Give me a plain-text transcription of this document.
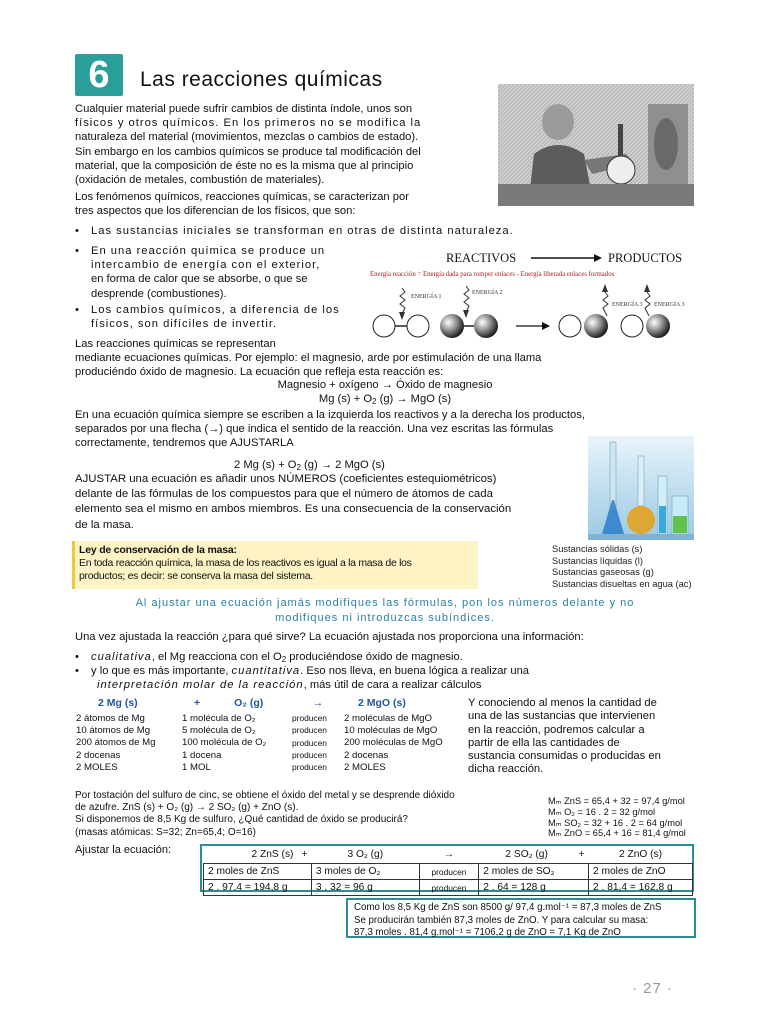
6	Las reacciones químicas
Cualquier material puede sufrir cambios de distinta índole, unos son
físicos y otros químicos. En los primeros no se modifica la
naturaleza del material (movimientos, mezclas o cambios de estado).
Sin embargo en los cambios químicos se produce tal modificación del
material, que la composición de éste no es la misma que al principio
(oxidación de metales, combustión de materiales).
Los fenómenos químicos, reacciones químicas, se caracterizan por
tres aspectos que los diferencian de los físicos, que son:
• Las sustancias iniciales se transforman en otras de distinta naturaleza.
• En una reacción química se produce un
intercambio de energía con el exterior,
en forma de calor que se absorbe, o que se
desprende (combustiones).
• Los cambios químicos, a diferencia de los
físicos, son difíciles de invertir.
REACTIVOS	PRODUCTOS
Energía reacción = Energía dada para romper enlaces - Energía liberada enlaces formados
ENERGÍA 1
ENERGÍA 2
ENERGÍA 3 ENERGÍA 3
Las reacciones químicas se representan
mediante ecuaciones químicas. Por ejemplo: el magnesio, arde por estimulación de una llama
produciéndo óxido de magnesio. La ecuación que refleja esta reacción es:
Magnesio + oxígeno → Óxido de magnesio
Mg $(s) + O_2$ (g) → MgO (s)
En una ecuación química siempre se escriben a la izquierda los reactivos y a la derecha los productos,
separados por una flecha (→) que indica el sentido de la reacción. Una vez escritas las fórmulas
correctamente, tendremos que AJUSTARLA
2 Mg $(s) + O_2$ (g) → 2 MgO (s)
AJUSTAR una ecuación es añadir unos NÚMEROS (coeficientes estequiométricos)
delante de las fórmulas de los compuestos para que el número de átomos de cada
elemento sea el mismo en ambos miembros. Es una consecuencia de la conservación
de la masa.
Ley de conservación de la masa:
En toda reacción química, la masa de los reactivos es igual a la masa de los
productos; es decir: se conserva la masa del sistema.
Sustancias sólidas (s)
Sustancias líquidas (l)
Sustancias gaseosas (g)
Sustancias disueltas en agua (ac)
Al ajustar una ecuación jamás modifiques las fórmulas, pon los números delante y no
modifiques ni introduzcas subíndices.
Una vez ajustada la reacción ¿para qué sirve? La ecuación ajustada nos proporciona una información:
• cualitativa, el Mg reacciona con el $O_2$ produciéndose óxido de magnesio.
• y lo que es más importante, cuantitativa. Eso nos lleva, en buena lógica a realizar una
interpretación molar de la reacción, más útil de cara a realizar cálculos
2 Mg (s)	+ O₂ (g)	→	2 MgO (s)
2 átomos de Mg	1 molécula de O₂	producen	2 moléculas de MgO
10 átomos de Mg	5 molécula de O₂	producen	10 moléculas de MgO
200 átomos de Mg	100 molécula de O₂	producen	200 moléculas de MgO
2 docenas	1 docena	producen	2 docenas
2 MOLES	1 MOL	producen	2 MOLES
Y conociendo al menos la cantidad de
una de las sustancias que intervienen
en la reacción, podremos calcular a
partir de ella las cantidades de
sustancia consumidas o producidas en
dicha reacción.
Por tostación del sulfuro de cinc, se obtiene el óxido del metal y se desprende dióxido
de azufre. ZnS (s) + O₂ (g) → 2 SO₂ (g) + ZnO (s).
Si disponemos de 8,5 Kg de sulfuro, ¿Qué cantidad de óxido se producirá?
(masas atómicas: S=32; Zn=65,4; O=16)
Ajustar la ecuación:
Mₘ ZnS = 65,4 + 32 = 97,4 g/mol
Mₘ O₂ = 16 . 2 = 32 g/mol
Mₘ SO₂ = 32 + 16 . 2 = 64 g/mol
Mₘ ZnO = 65,4 + 16 = 81,4 g/mol
2 ZnS (s)	+	3 O₂ (g)	→	2 SO₂ (g)	+	2 ZnO (s)
2 moles de ZnS		3 moles de O₂	producen	2 moles de SO₂		2 moles de ZnO
2 . 97,4 = 194,8 g		3 . 32 = 96 g	producen	2 . 64 = 128 g		2 . 81,4 = 162,8 g
Como los 8,5 Kg de ZnS son 8500 g/ 97,4 g.mol⁻¹ = 87,3 moles de ZnS
Se producirán también 87,3 moles de ZnO. Y para calcular su masa:
87,3 moles . 81,4 g.mol⁻¹ = 7106,2 g de ZnO = 7,1 Kg de ZnO
· 27 ·
